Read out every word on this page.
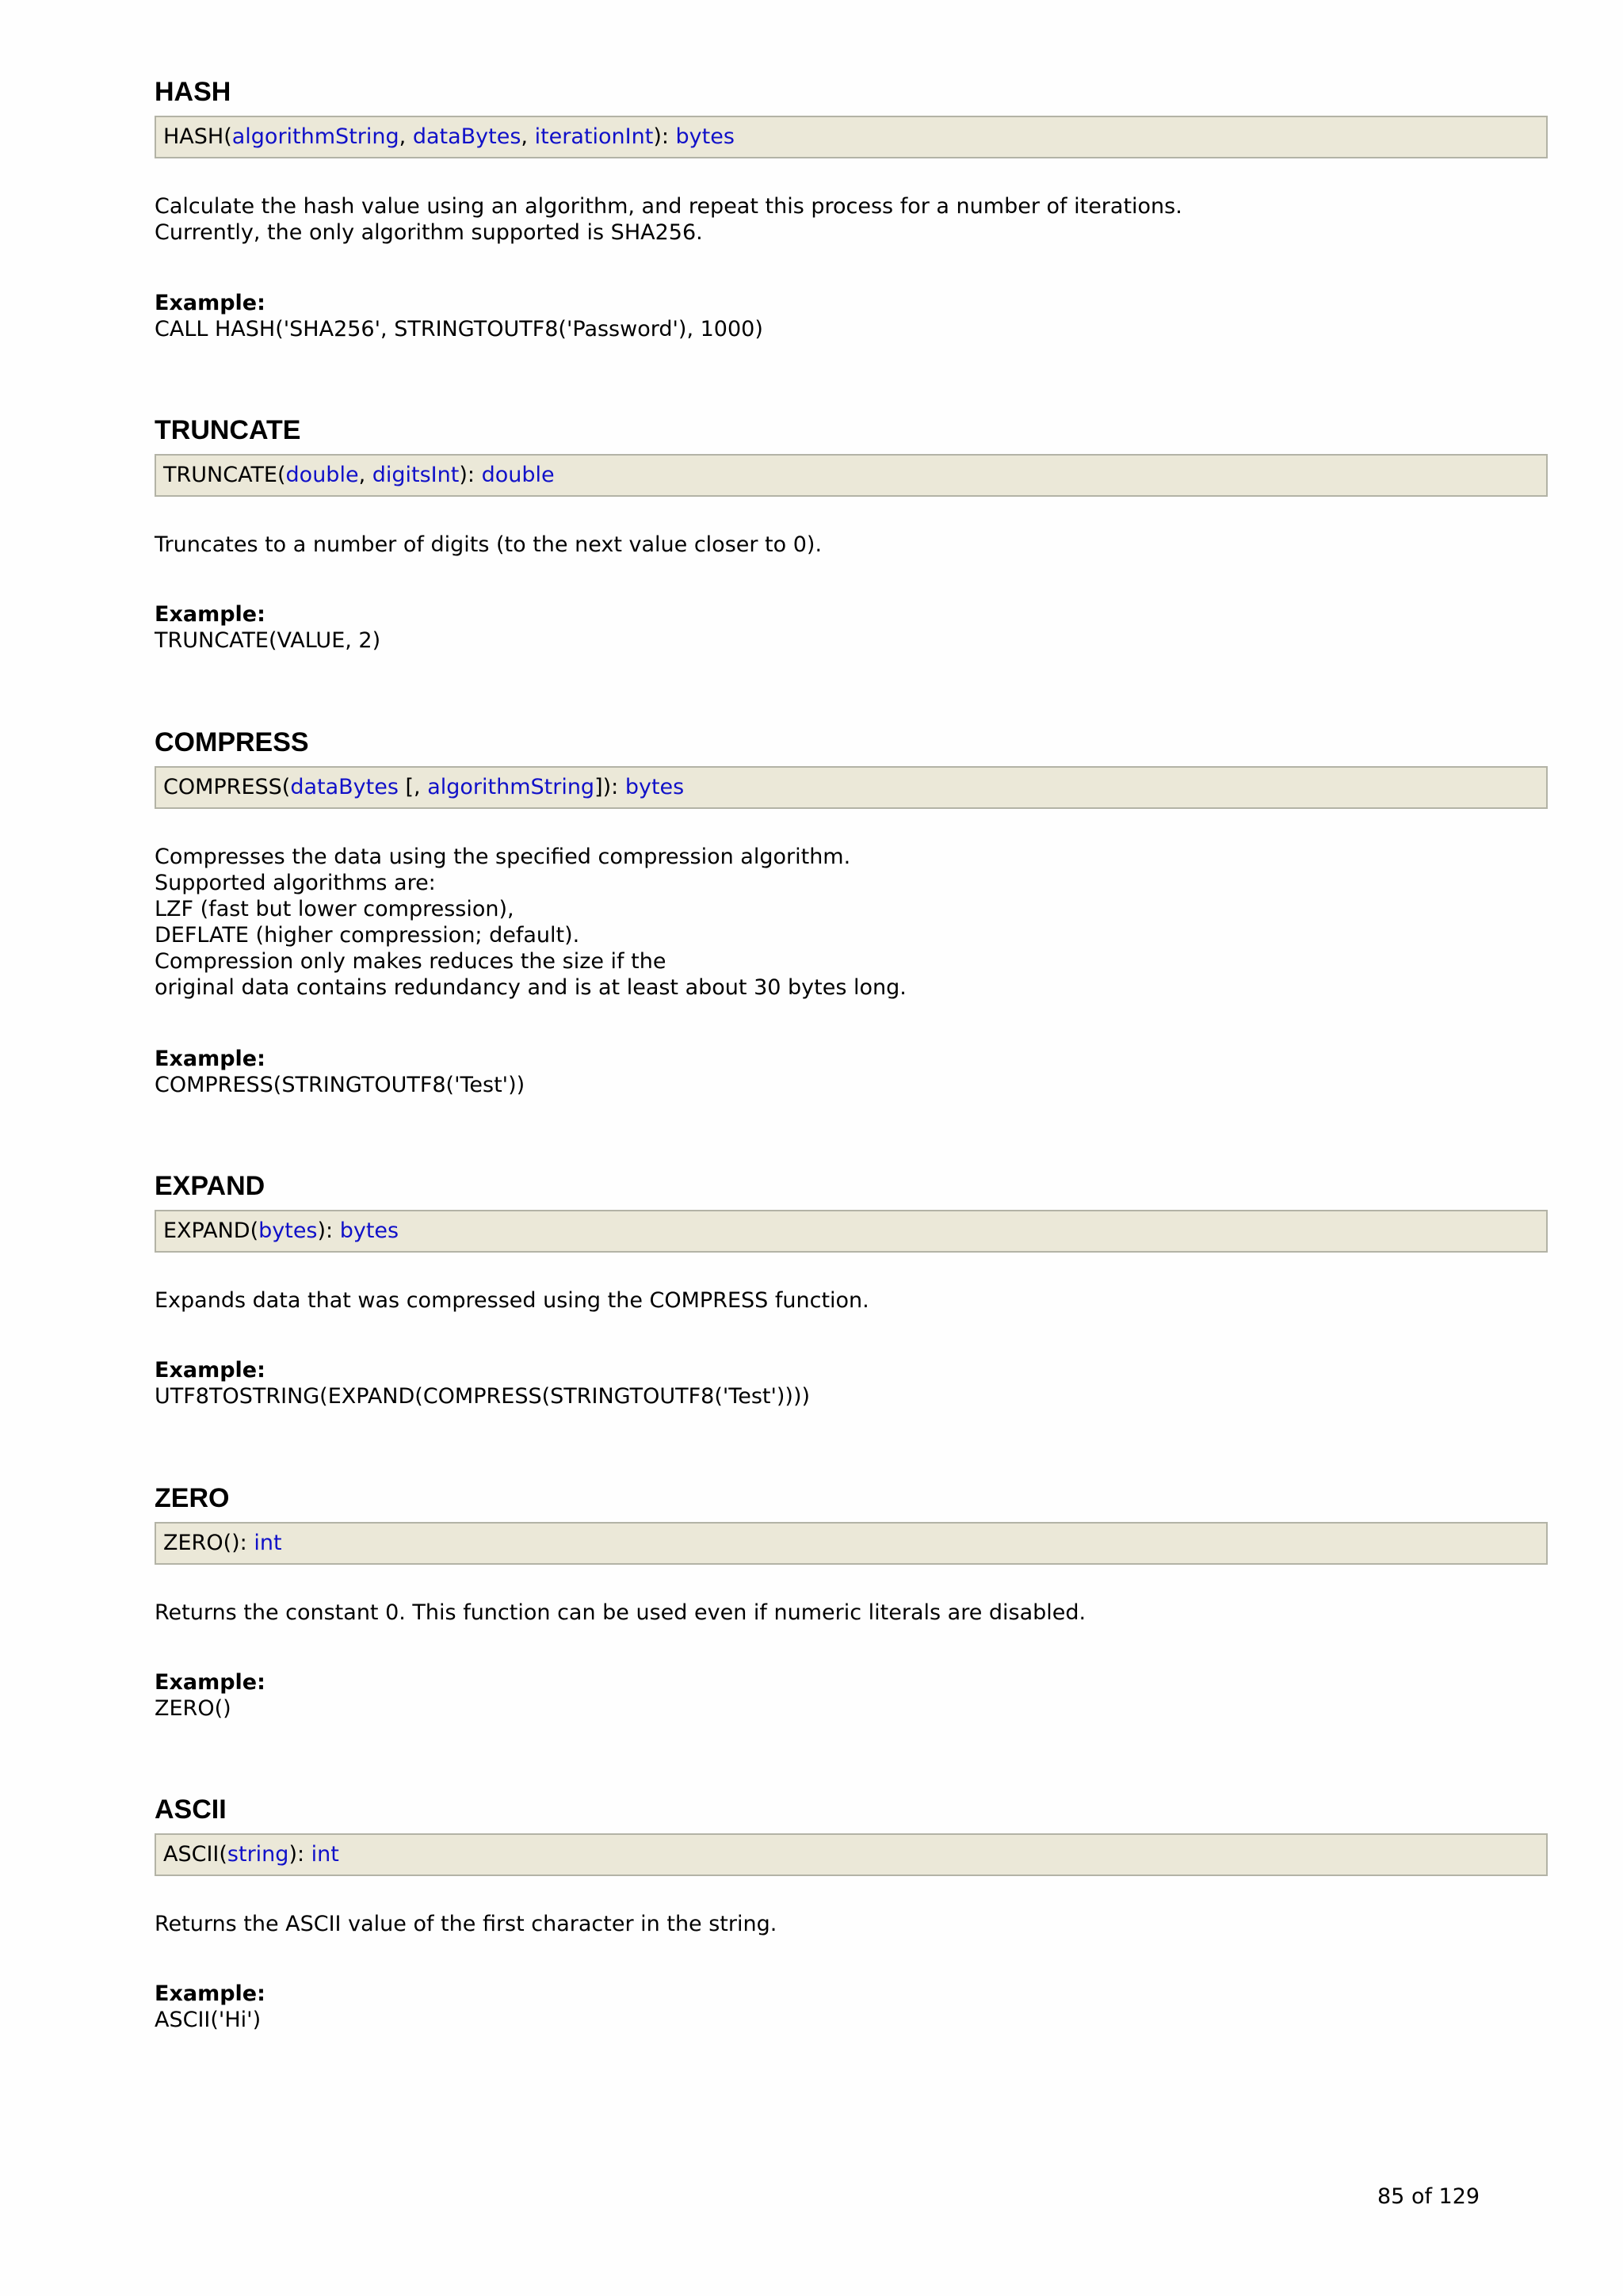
HASH
HASH(algorithmString, dataBytes, iterationInt): bytes
Calculate the hash value using an algorithm, and repeat this process for a number of iterations.
Currently, the only algorithm supported is SHA256.
Example:
CALL HASH('SHA256', STRINGTOUTF8('Password'), 1000)
TRUNCATE
TRUNCATE(double, digitsInt): double
Truncates to a number of digits (to the next value closer to 0).
Example:
TRUNCATE(VALUE, 2)
COMPRESS
COMPRESS(dataBytes [, algorithmString]): bytes
Compresses the data using the specified compression algorithm.
Supported algorithms are:
LZF (fast but lower compression),
DEFLATE (higher compression; default).
Compression only makes reduces the size if the
original data contains redundancy and is at least about 30 bytes long.
Example:
COMPRESS(STRINGTOUTF8('Test'))
EXPAND
EXPAND(bytes): bytes
Expands data that was compressed using the COMPRESS function.
Example:
UTF8TOSTRING(EXPAND(COMPRESS(STRINGTOUTF8('Test'))))
ZERO
ZERO(): int
Returns the constant 0. This function can be used even if numeric literals are disabled.
Example:
ZERO()
ASCII
ASCII(string): int
Returns the ASCII value of the first character in the string.
Example:
ASCII('Hi')
85 of 129
